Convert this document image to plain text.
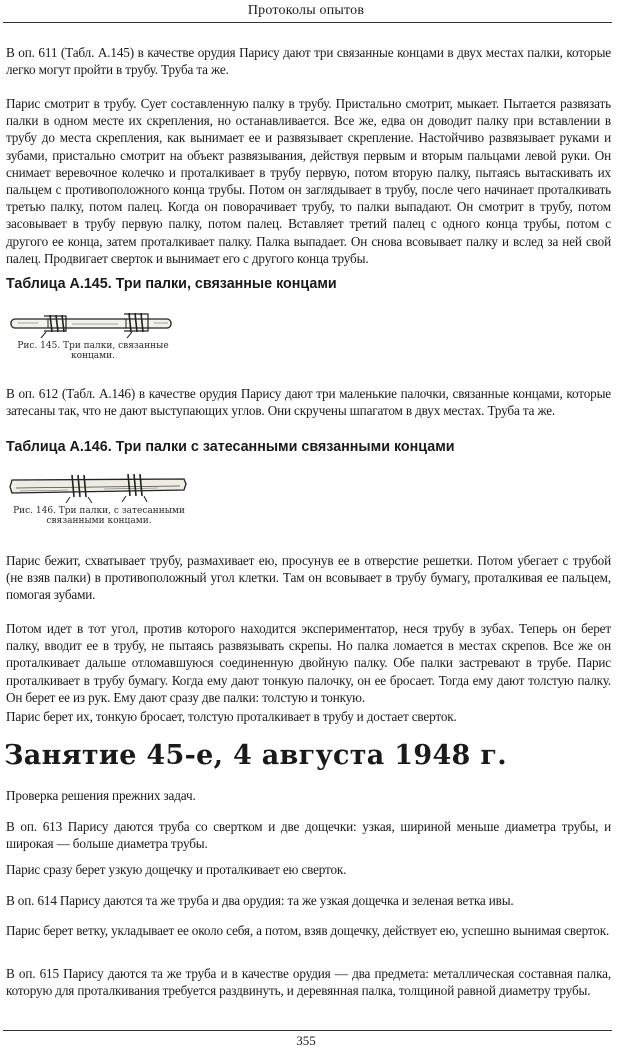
Протоколы опытов

В оп. 611 (Табл. А.145) в качестве орудия Парису дают три связанные концами в двух местах палки, которые легко могут пройти в трубу. Труба та же.

Парис смотрит в трубу. Сует составленную палку в трубу. Пристально смотрит, мыкает. Пытается развязать палки в одном месте их скрепления, но останавливается. Все же, едва он доводит палку при вставлении в трубу до места скрепления, как вынимает ее и развязывает скрепление. Настойчиво развязывает руками и зубами, пристально смотрит на объект развязывания, действуя первым и вторым пальцами левой руки. Он снимает веревочное колечко и проталкивает в трубу первую, потом вторую палку, пытаясь вытаскивать их пальцем с противоположного конца трубы. Потом он заглядывает в трубу, после чего начинает проталкивать третью палку, потом палец. Когда он поворачивает трубу, то палки выпадают. Он смотрит в трубу, потом засовывает в трубу первую палку, потом палец. Вставляет третий палец с одного конца трубы, потом с другого ее конца, затем проталкивает палку. Палка выпадает. Он снова всовывает палку и вслед за ней свой палец. Продвигает сверток и вынимает его с другого конца трубы.

Таблица А.145. Три палки, связанные концами

Рис. 145. Три палки, связанные

концами.

В оп. 612 (Табл. А.146) в качестве орудия Парису дают три маленькие палочки, связанные концами, которые затесаны так, что не дают выступающих углов. Они скручены шпагатом в двух местах. Труба та же.

Таблица А.146. Три палки с затесанными связанными концами

Рис. 146. Три палки, с затесанными

связанными концами.

Парис бежит, схватывает трубу, размахивает ею, просунув ее в отверстие решетки. Потом убегает с трубой (не взяв палки) в противоположный угол клетки. Там он всовывает в трубу бумагу, проталкивая ее пальцем, помогая зубами.

Потом идет в тот угол, против которого находится экспериментатор, неся трубу в зубах. Теперь он берет палку, вводит ее в трубу, не пытаясь развязывать скрепы. Но палка ломается в местах скрепов. Все же он проталкивает дальше отломавшуюся соединенную двойную палку. Обе палки застревают в трубе. Парис проталкивает в трубу бумагу. Когда ему дают тонкую палочку, он ее бросает. Тогда ему дают толстую палку. Он берет ее из рук. Ему дают сразу две палки: толстую и тонкую.

Парис берет их, тонкую бросает, толстую проталкивает в трубу и достает сверток.

Занятие 45-е, 4 августа 1948 г.

Проверка решения прежних задач.

В оп. 613 Парису даются труба со свертком и две дощечки: узкая, шириной меньше диаметра трубы, и широкая — больше диаметра трубы.

Парис сразу берет узкую дощечку и проталкивает ею сверток.

В оп. 614 Парису даются та же труба и два орудия: та же узкая дощечка и зеленая ветка ивы.

Парис берет ветку, укладывает ее около себя, а потом, взяв дощечку, действует ею, успешно вынимая сверток.

В оп. 615 Парису даются та же труба и в качестве орудия — два предмета: металлическая составная палка, которую для проталкивания требуется раздвинуть, и деревянная палка, толщиной равной диаметру трубы.

355
